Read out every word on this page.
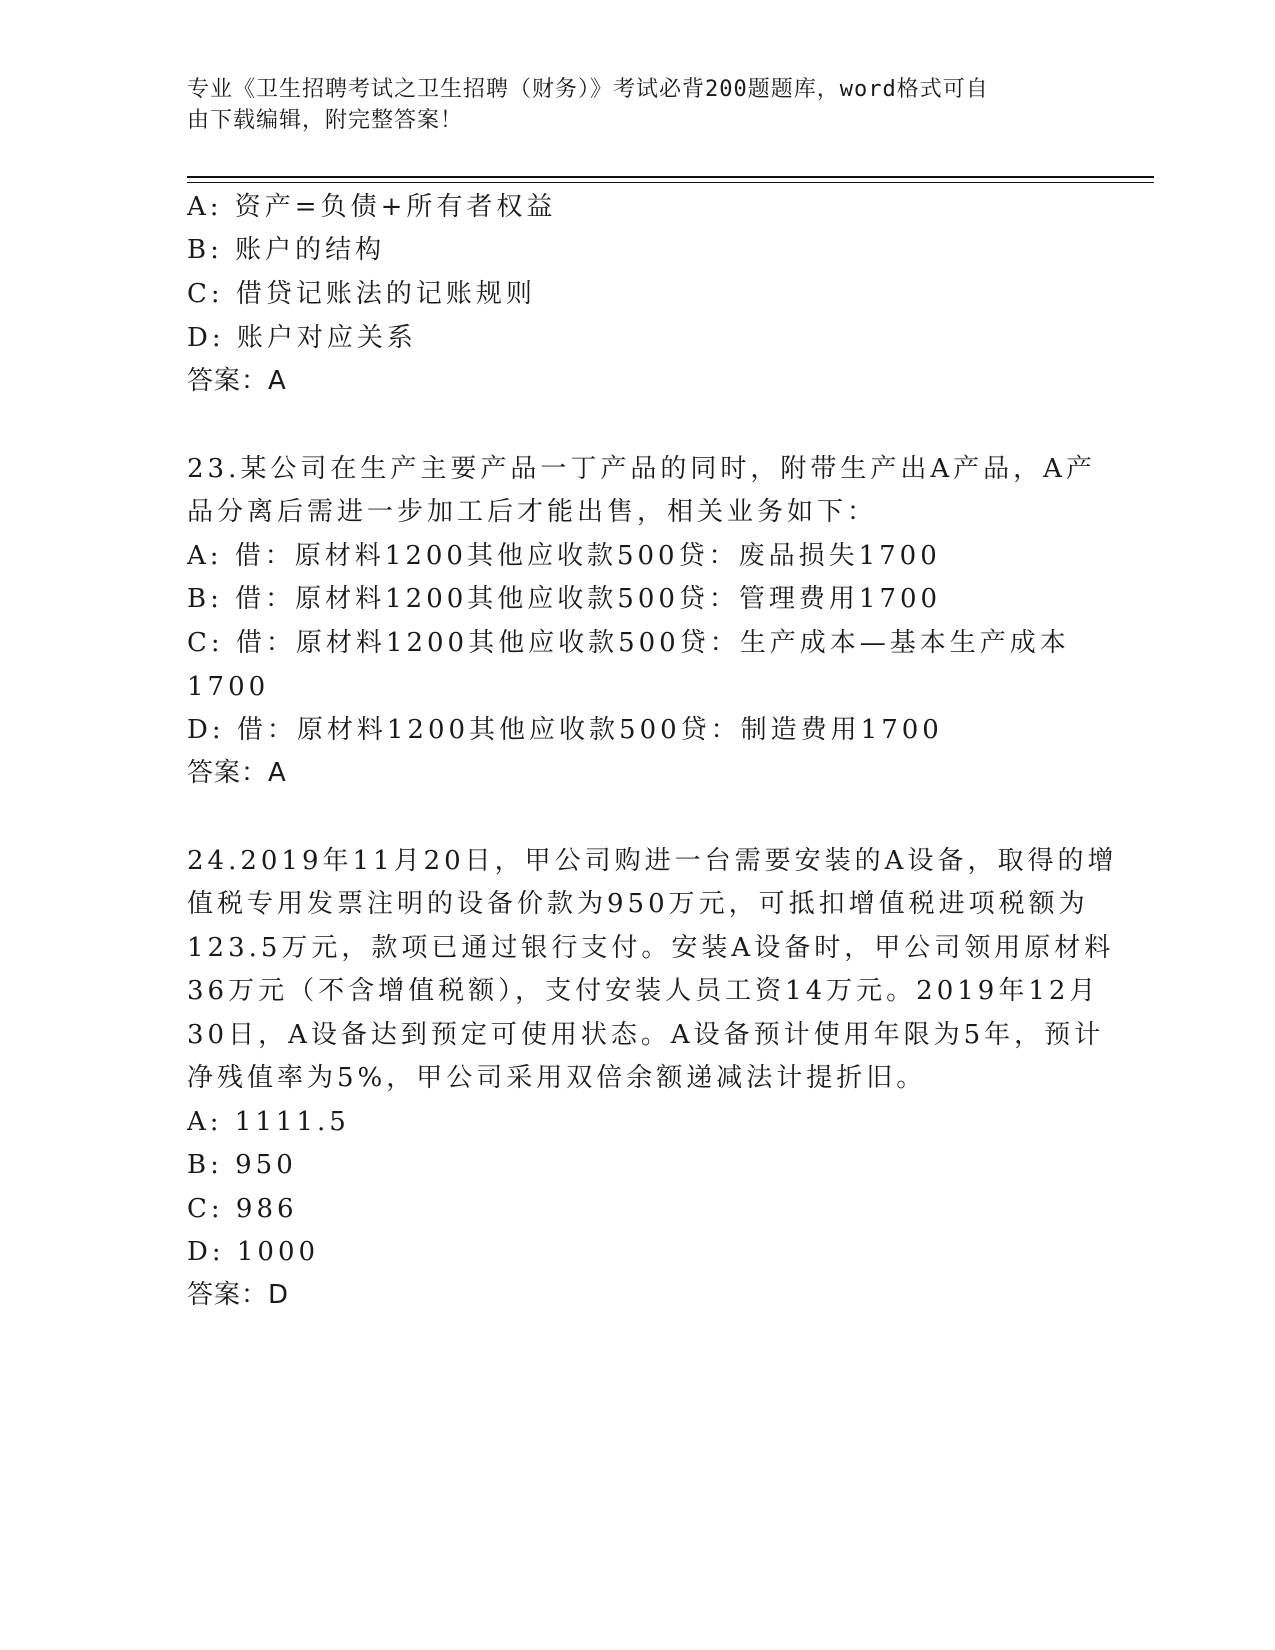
专业《卫生招聘考试之卫生招聘（财务）》考试必背200题题库，word格式可自
由下载编辑，附完整答案！
A: 资产=负债+所有者权益
B: 账户的结构
C: 借贷记账法的记账规则
D: 账户对应关系
答案：A
23.某公司在生产主要产品一丁产品的同时，附带生产出A产品，A产
品分离后需进一步加工后才能出售，相关业务如下：
A: 借：原材料1200其他应收款500贷：废品损失1700
B: 借：原材料1200其他应收款500贷：管理费用1700
C: 借：原材料1200其他应收款500贷：生产成本—基本生产成本
1700
D: 借：原材料1200其他应收款500贷：制造费用1700
答案：A
24.2019年11月20日，甲公司购进一台需要安装的A设备，取得的增
值税专用发票注明的设备价款为950万元，可抵扣增值税进项税额为
123.5万元，款项已通过银行支付。安装A设备时，甲公司领用原材料
36万元（不含增值税额），支付安装人员工资14万元。2019年12月
30日，A设备达到预定可使用状态。A设备预计使用年限为5年，预计
净残值率为5%，甲公司采用双倍余额递减法计提折旧。
A: 1111.5
B: 950
C: 986
D: 1000
答案：D
